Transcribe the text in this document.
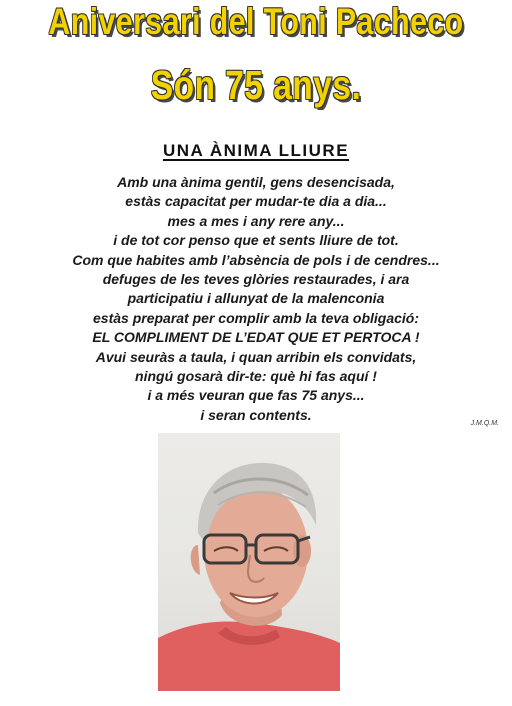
Aniversari del Toni Pacheco
Són 75 anys.
UNA ÀNIMA LLIURE
Amb una ànima gentil, gens desencisada,
estàs capacitat per mudar-te dia a dia...
mes a mes i any rere any...
i de tot cor penso que et sents lliure de tot.
Com que habites amb l’absència de pols i de cendres...
defuges de les teves glòries restaurades, i ara
participatiu i allunyat de la malenconia
estàs preparat per complir amb la teva obligació:
EL COMPLIMENT DE L’EDAT QUE ET PERTOCA !
Avui seuràs a taula, i quan arribin els convidats,
ningú gosarà dir-te: què hi fas aquí !
i a més veuran que fas 75 anys...
i seran contents.
J.M.Q.M.
